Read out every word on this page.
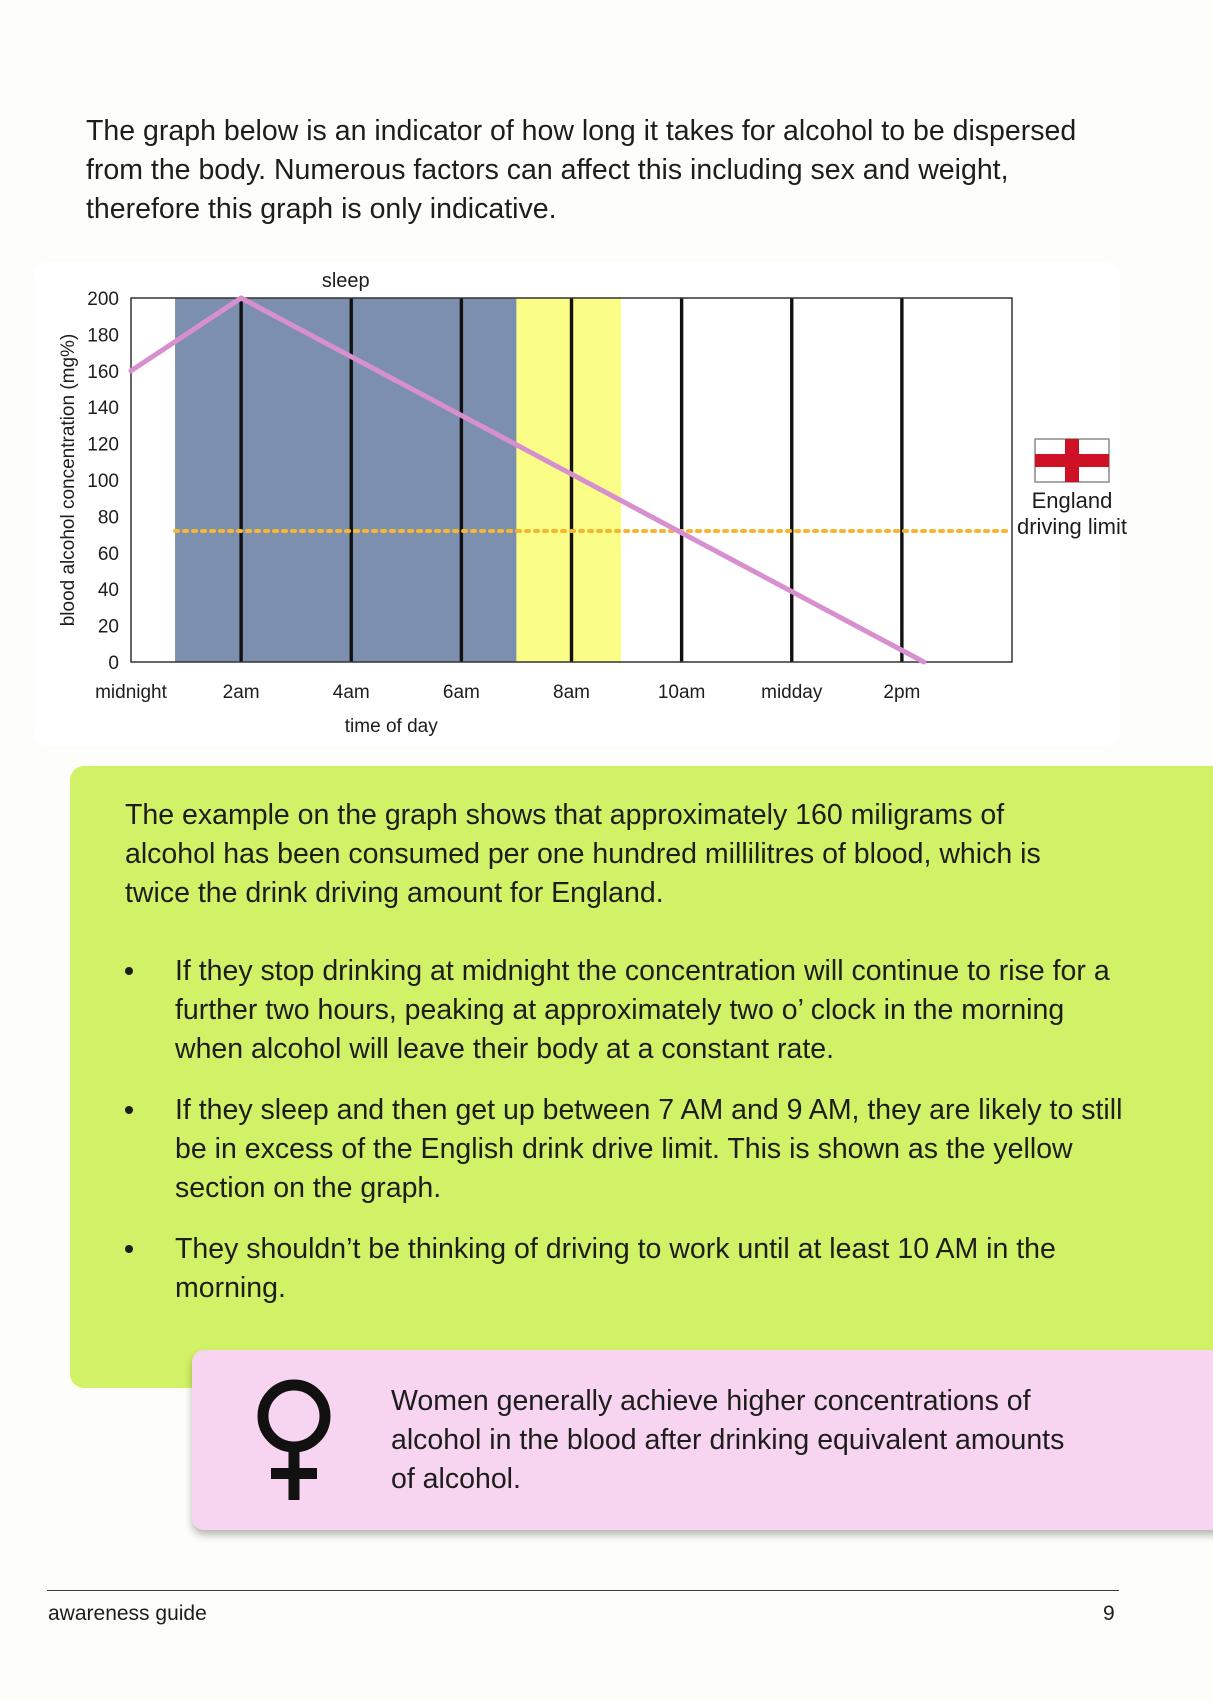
The graph below is an indicator of how long it takes for alcohol to be dispersed from the body. Numerous factors can affect this including sex and weight, therefore this graph is only indicative.

sleep
0
20
40
60
80
100
120
140
160
180
200
midnight	2am	4am	6am	8am	10am	midday	2pm
time of day
blood alcohol concentration (mg%)	England driving limit

The example on the graph shows that approximately 160 miligrams of alcohol has been consumed per one hundred millilitres of blood, which is twice the drink driving amount for England.

If they stop drinking at midnight the concentration will continue to rise for a further two hours, peaking at approximately two o’ clock in the morning when alcohol will leave their body at a constant rate.
If they sleep and then get up between 7 AM and 9 AM, they are likely to still be in excess of the English drink drive limit. This is shown as the yellow section on the graph.
They shouldn’t be thinking of driving to work until at least 10 AM in the morning.

Women generally achieve higher concentrations of alcohol in the blood after drinking equivalent amounts of alcohol.

awareness guide	9
